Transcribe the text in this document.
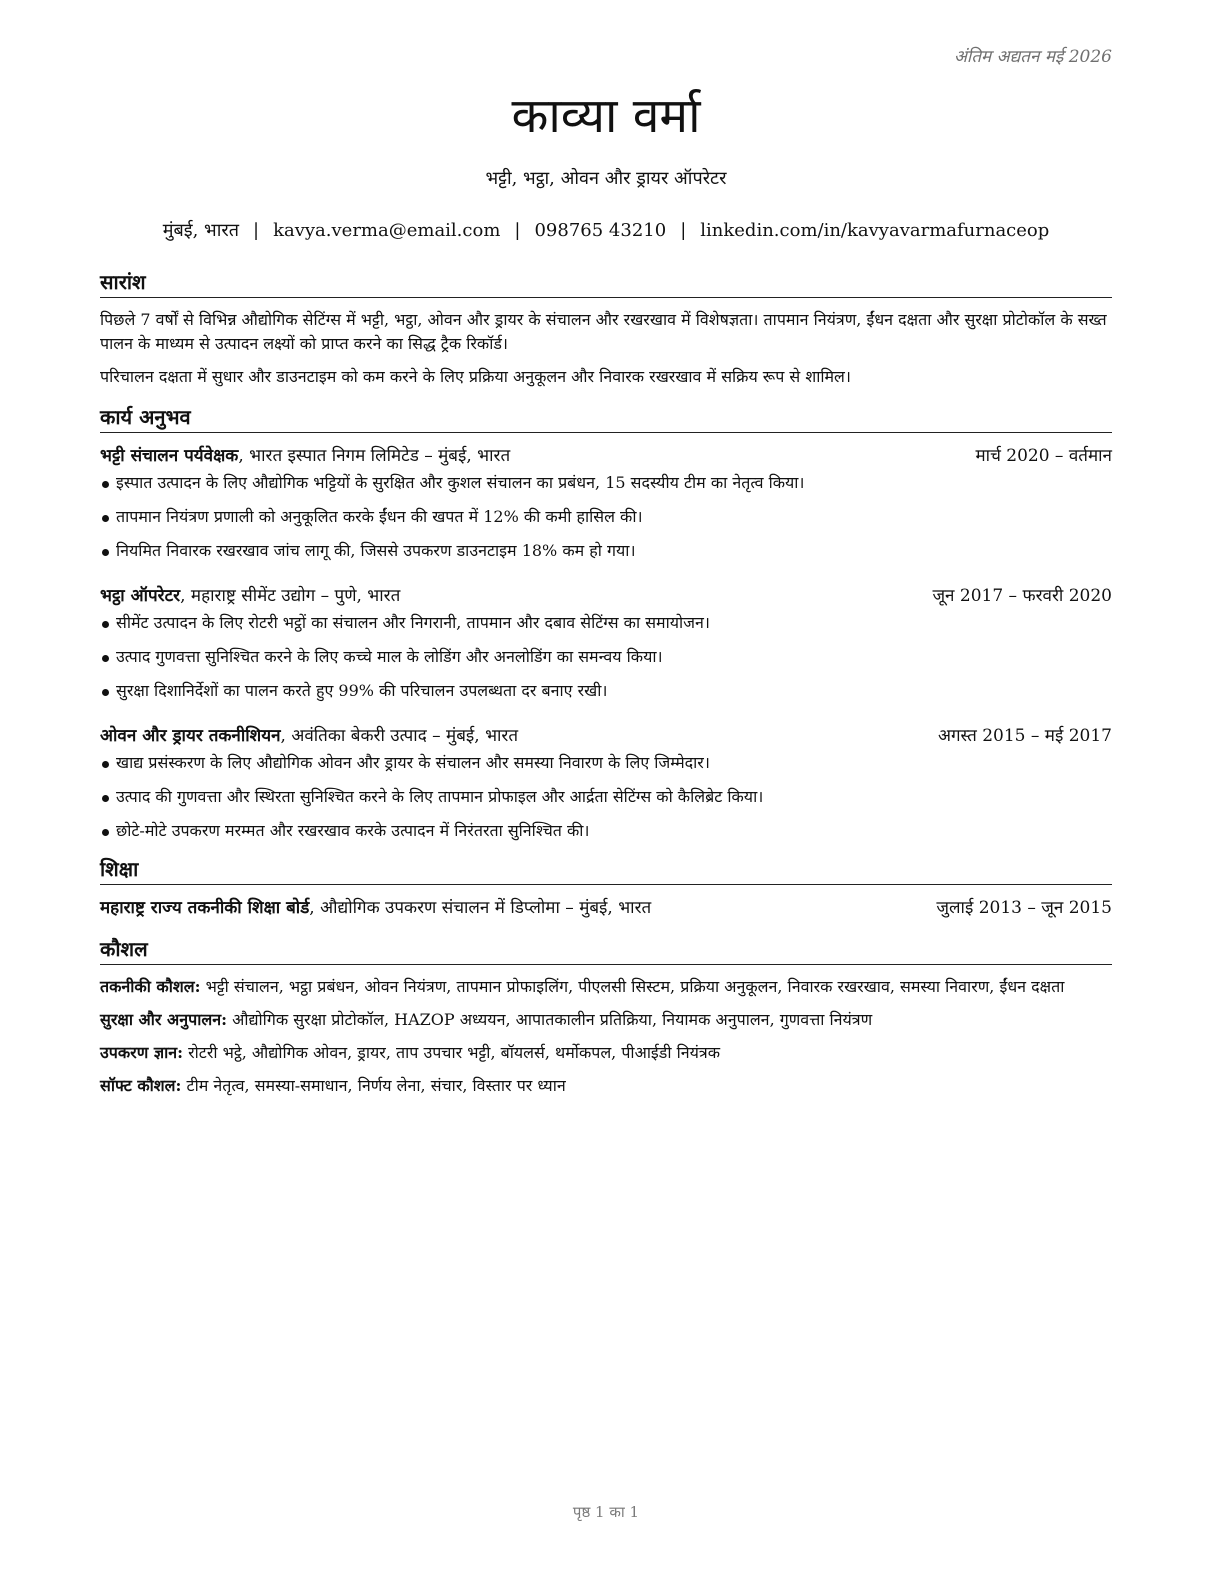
अंतिम अद्यतन मई 2026
काव्या वर्मा
भट्टी, भट्ठा, ओवन और ड्रायर ऑपरेटर
मुंबई, भारत | kavya.verma@email.com | 098765 43210 | linkedin.com/in/kavyavarmafurnaceop
सारांश

पिछले 7 वर्षों से विभिन्न औद्योगिक सेटिंग्स में भट्टी, भट्ठा, ओवन और ड्रायर के संचालन और रखरखाव में विशेषज्ञता। तापमान नियंत्रण, ईंधन दक्षता और सुरक्षा प्रोटोकॉल के सख्त पालन के माध्यम से उत्पादन लक्ष्यों को प्राप्त करने का सिद्ध ट्रैक रिकॉर्ड।

परिचालन दक्षता में सुधार और डाउनटाइम को कम करने के लिए प्रक्रिया अनुकूलन और निवारक रखरखाव में सक्रिय रूप से शामिल।

कार्य अनुभव
भट्टी संचालन पर्यवेक्षक, भारत इस्पात निगम लिमिटेड – मुंबई, भारत	मार्च 2020 – वर्तमान
इस्पात उत्पादन के लिए औद्योगिक भट्टियों के सुरक्षित और कुशल संचालन का प्रबंधन, 15 सदस्यीय टीम का नेतृत्व किया।
तापमान नियंत्रण प्रणाली को अनुकूलित करके ईंधन की खपत में 12% की कमी हासिल की।
नियमित निवारक रखरखाव जांच लागू की, जिससे उपकरण डाउनटाइम 18% कम हो गया।
भट्ठा ऑपरेटर, महाराष्ट्र सीमेंट उद्योग – पुणे, भारत	जून 2017 – फरवरी 2020
सीमेंट उत्पादन के लिए रोटरी भट्ठों का संचालन और निगरानी, तापमान और दबाव सेटिंग्स का समायोजन।
उत्पाद गुणवत्ता सुनिश्चित करने के लिए कच्चे माल के लोडिंग और अनलोडिंग का समन्वय किया।
सुरक्षा दिशानिर्देशों का पालन करते हुए 99% की परिचालन उपलब्धता दर बनाए रखी।
ओवन और ड्रायर तकनीशियन, अवंतिका बेकरी उत्पाद – मुंबई, भारत	अगस्त 2015 – मई 2017
खाद्य प्रसंस्करण के लिए औद्योगिक ओवन और ड्रायर के संचालन और समस्या निवारण के लिए जिम्मेदार।
उत्पाद की गुणवत्ता और स्थिरता सुनिश्चित करने के लिए तापमान प्रोफाइल और आर्द्रता सेटिंग्स को कैलिब्रेट किया।
छोटे-मोटे उपकरण मरम्मत और रखरखाव करके उत्पादन में निरंतरता सुनिश्चित की।
शिक्षा
महाराष्ट्र राज्य तकनीकी शिक्षा बोर्ड, औद्योगिक उपकरण संचालन में डिप्लोमा – मुंबई, भारत	जुलाई 2013 – जून 2015
कौशल

तकनीकी कौशल: भट्टी संचालन, भट्ठा प्रबंधन, ओवन नियंत्रण, तापमान प्रोफाइलिंग, पीएलसी सिस्टम, प्रक्रिया अनुकूलन, निवारक रखरखाव, समस्या निवारण, ईंधन दक्षता

सुरक्षा और अनुपालन: औद्योगिक सुरक्षा प्रोटोकॉल, HAZOP अध्ययन, आपातकालीन प्रतिक्रिया, नियामक अनुपालन, गुणवत्ता नियंत्रण

उपकरण ज्ञान: रोटरी भट्ठे, औद्योगिक ओवन, ड्रायर, ताप उपचार भट्टी, बॉयलर्स, थर्मोकपल, पीआईडी नियंत्रक

सॉफ्ट कौशल: टीम नेतृत्व, समस्या-समाधान, निर्णय लेना, संचार, विस्तार पर ध्यान

पृष्ठ 1 का 1
